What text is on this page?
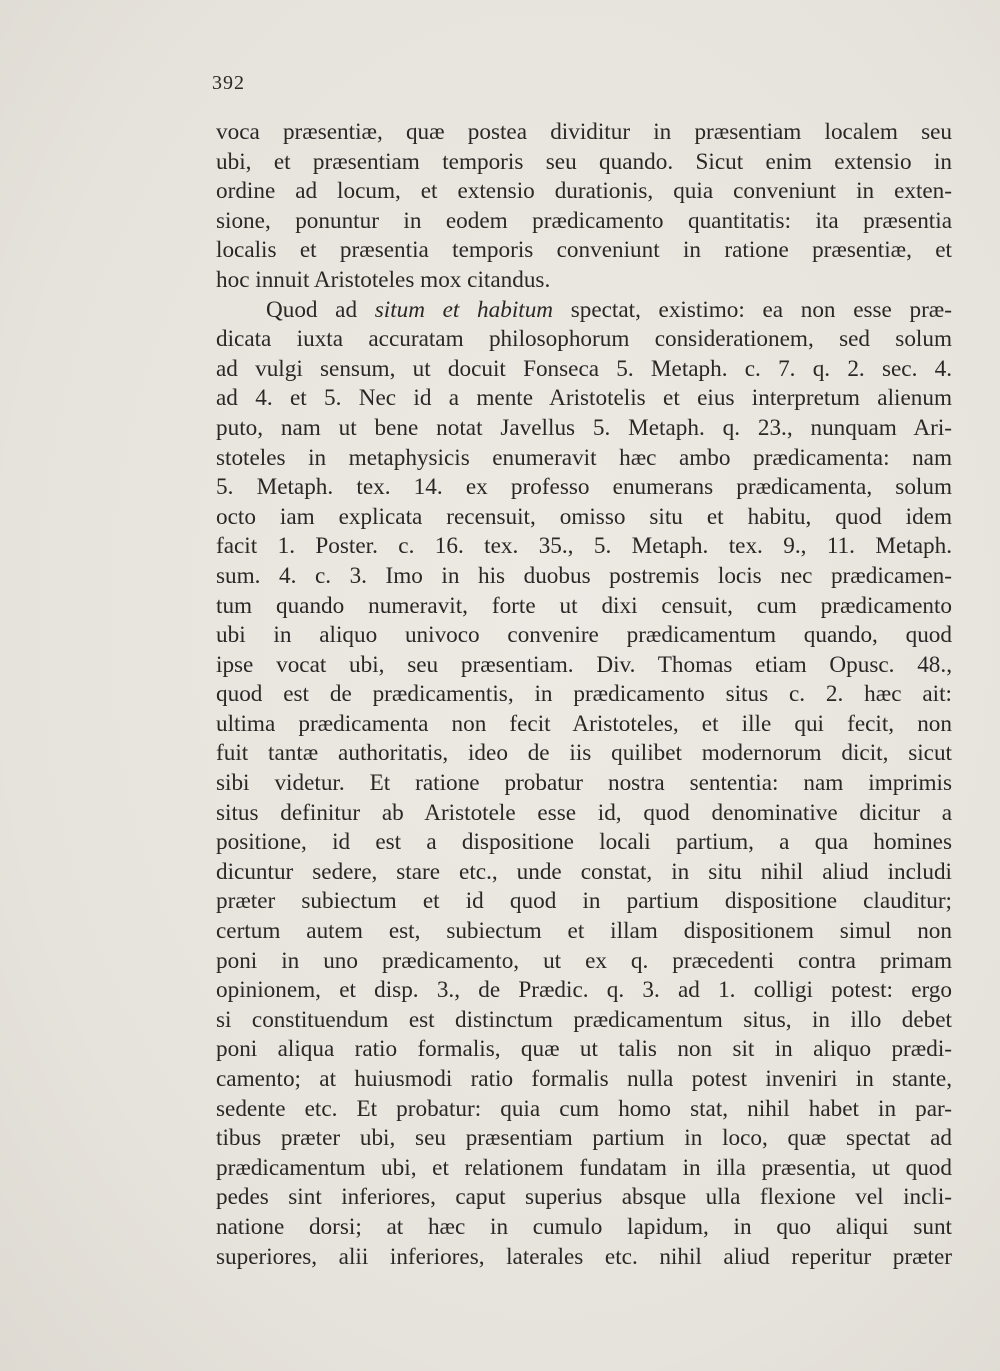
392
voca præsentiæ, quæ postea dividitur in præsentiam localem seu
ubi, et præsentiam temporis seu quando. Sicut enim extensio in
ordine ad locum, et extensio durationis, quia conveniunt in exten-
sione, ponuntur in eodem prædicamento quantitatis: ita præsentia
localis et præsentia temporis conveniunt in ratione præsentiæ, et
hoc innuit Aristoteles mox citandus.
Quod ad situm et habitum spectat, existimo: ea non esse præ-
dicata iuxta accuratam philosophorum considerationem, sed solum
ad vulgi sensum, ut docuit Fonseca 5. Metaph. c. 7. q. 2. sec. 4.
ad 4. et 5. Nec id a mente Aristotelis et eius interpretum alienum
puto, nam ut bene notat Javellus 5. Metaph. q. 23., nunquam Ari-
stoteles in metaphysicis enumeravit hæc ambo prædicamenta: nam
5. Metaph. tex. 14. ex professo enumerans prædicamenta, solum
octo iam explicata recensuit, omisso situ et habitu, quod idem
facit 1. Poster. c. 16. tex. 35., 5. Metaph. tex. 9., 11. Metaph.
sum. 4. c. 3. Imo in his duobus postremis locis nec prædicamen-
tum quando numeravit, forte ut dixi censuit, cum prædicamento
ubi in aliquo univoco convenire prædicamentum quando, quod
ipse vocat ubi, seu præsentiam. Div. Thomas etiam Opusc. 48.,
quod est de prædicamentis, in prædicamento situs c. 2. hæc ait:
ultima prædicamenta non fecit Aristoteles, et ille qui fecit, non
fuit tantæ authoritatis, ideo de iis quilibet modernorum dicit, sicut
sibi videtur. Et ratione probatur nostra sententia: nam imprimis
situs definitur ab Aristotele esse id, quod denominative dicitur a
positione, id est a dispositione locali partium, a qua homines
dicuntur sedere, stare etc., unde constat, in situ nihil aliud includi
præter subiectum et id quod in partium dispositione clauditur;
certum autem est, subiectum et illam dispositionem simul non
poni in uno prædicamento, ut ex q. præcedenti contra primam
opinionem, et disp. 3., de Prædic. q. 3. ad 1. colligi potest: ergo
si constituendum est distinctum prædicamentum situs, in illo debet
poni aliqua ratio formalis, quæ ut talis non sit in aliquo prædi-
camento; at huiusmodi ratio formalis nulla potest inveniri in stante,
sedente etc. Et probatur: quia cum homo stat, nihil habet in par-
tibus præter ubi, seu præsentiam partium in loco, quæ spectat ad
prædicamentum ubi, et relationem fundatam in illa præsentia, ut quod
pedes sint inferiores, caput superius absque ulla flexione vel incli-
natione dorsi; at hæc in cumulo lapidum, in quo aliqui sunt
superiores, alii inferiores, laterales etc. nihil aliud reperitur præter
